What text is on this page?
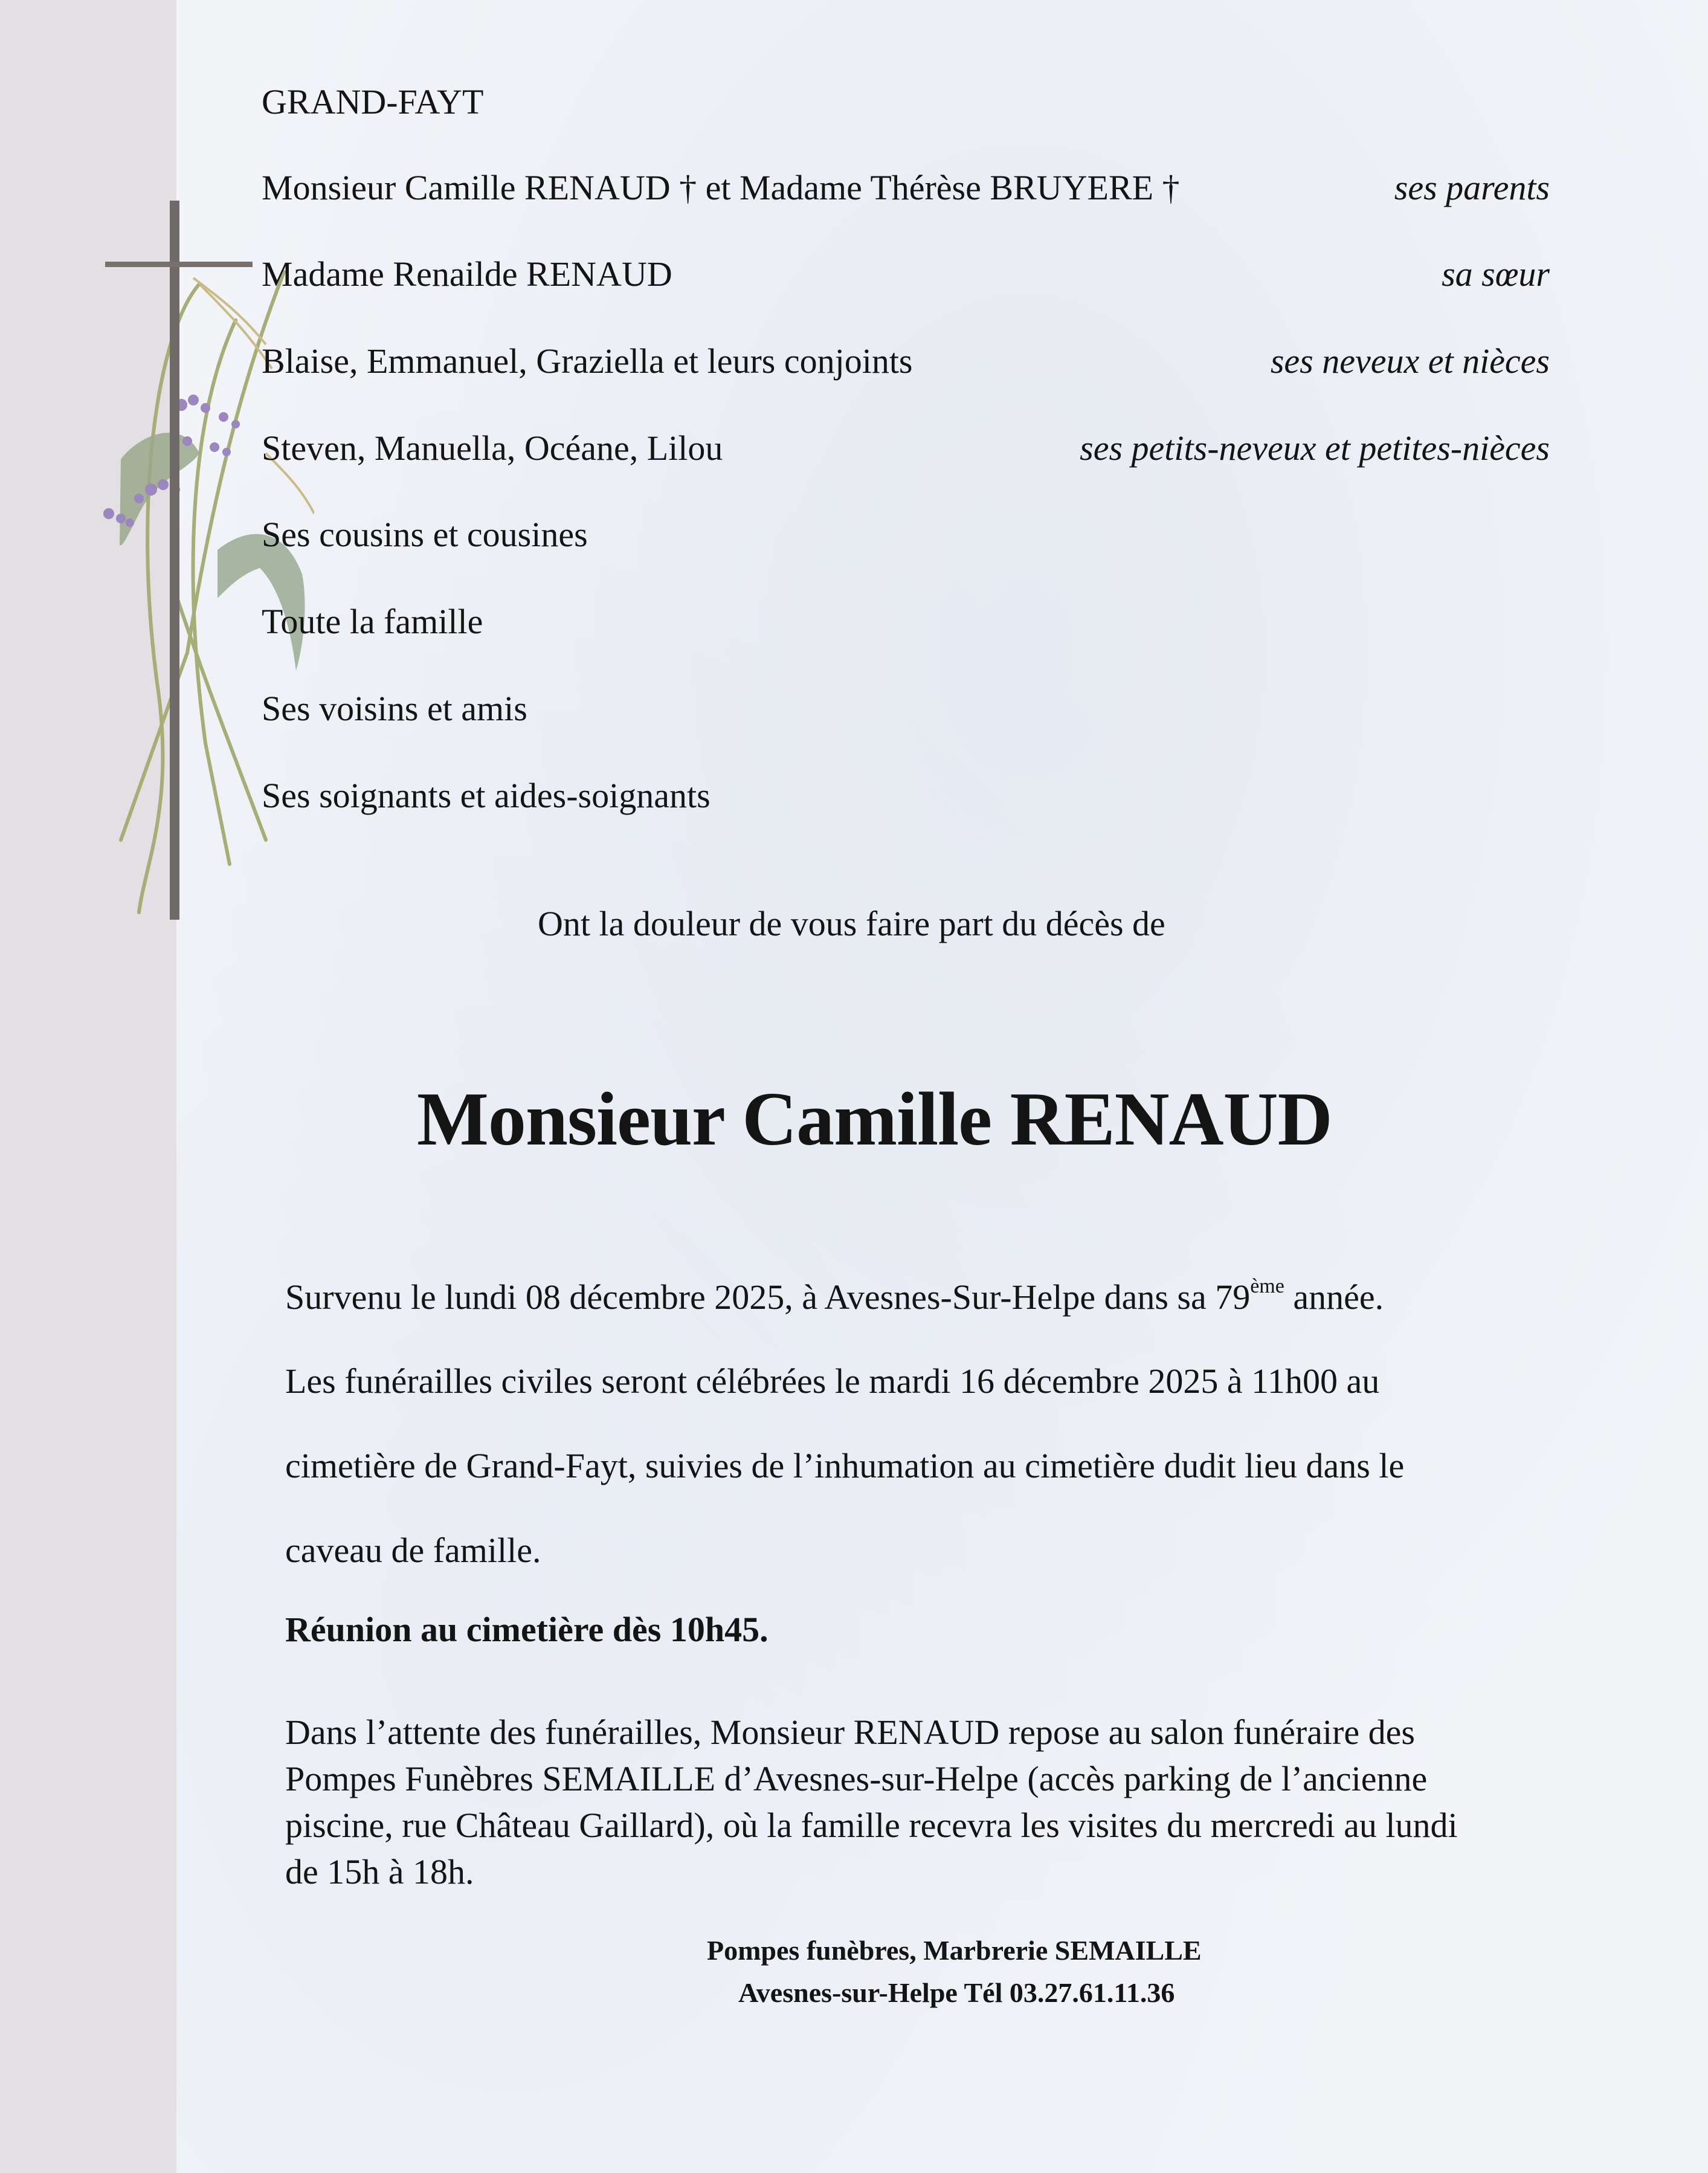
GRAND-FAYT
Monsieur Camille RENAUD † et Madame Thérèse BRUYERE †	ses parents
Madame Renailde RENAUD	sa sœur
Blaise, Emmanuel, Graziella et leurs conjoints	ses neveux et nièces
Steven, Manuella, Océane, Lilou	ses petits-neveux et petites-nièces
Ses cousins et cousines
Toute la famille
Ses voisins et amis
Ses soignants et aides-soignants
Ont la douleur de vous faire part du décès de
Monsieur Camille RENAUD
Survenu le lundi 08 décembre 2025, à Avesnes-Sur-Helpe dans sa 79ème année.
Les funérailles civiles seront célébrées le mardi 16 décembre 2025 à 11h00 au
cimetière de Grand-Fayt, suivies de l’inhumation au cimetière dudit lieu dans le
caveau de famille.
Réunion au cimetière dès 10h45.
Dans l’attente des funérailles, Monsieur RENAUD repose au salon funéraire des
Pompes Funèbres SEMAILLE d’Avesnes-sur-Helpe (accès parking de l’ancienne
piscine, rue Château Gaillard), où la famille recevra les visites du mercredi au lundi
de 15h à 18h.
Pompes funèbres, Marbrerie SEMAILLE
Avesnes-sur-Helpe Tél 03.27.61.11.36
